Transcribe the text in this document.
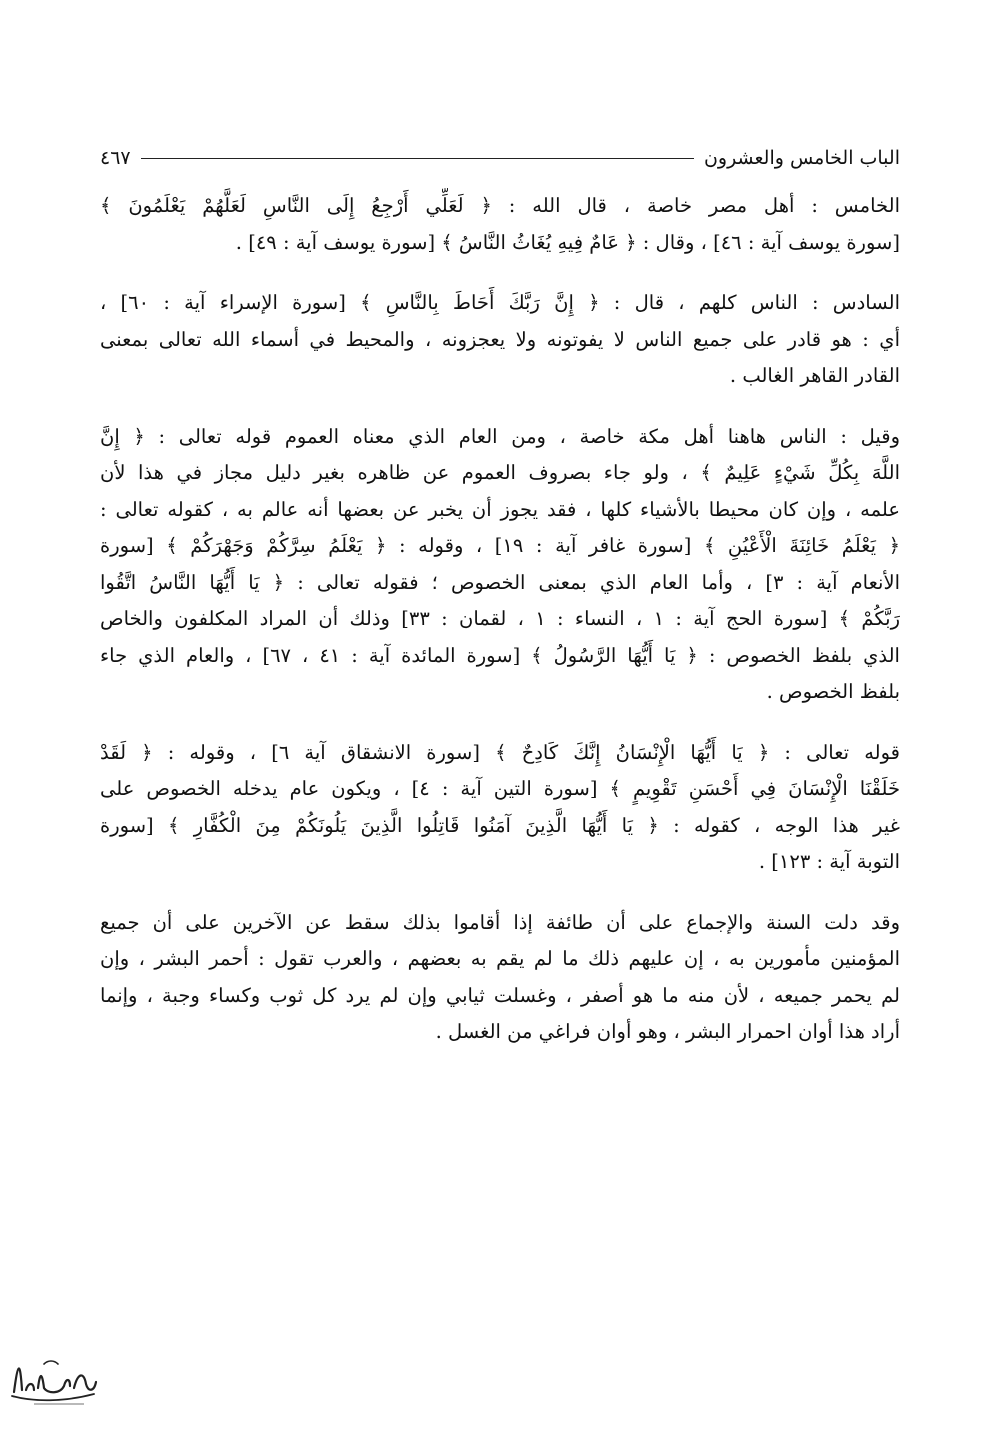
الباب الخامس والعشرون
٤٦٧
الخامس : أهل مصر خاصة ، قال الله : ﴿ لَعَلِّي أَرْجِعُ إِلَى النَّاسِ لَعَلَّهُمْ يَعْلَمُونَ ﴾
[سورة يوسف آية : ٤٦] ، وقال : ﴿ عَامٌ فِيهِ يُغَاثُ النَّاسُ ﴾ [سورة يوسف آية : ٤٩] .
السادس : الناس كلهم ، قال : ﴿ إِنَّ رَبَّكَ أَحَاطَ بِالنَّاسِ ﴾ [سورة الإسراء آية : ٦٠] ،
أي : هو قادر على جميع الناس لا يفوتونه ولا يعجزونه ، والمحيط في أسماء الله تعالى بمعنى
القادر القاهر الغالب .
وقيل : الناس هاهنا أهل مكة خاصة ، ومن العام الذي معناه العموم قوله تعالى : ﴿ إِنَّ
اللَّهَ بِكُلِّ شَيْءٍ عَلِيمٌ ﴾ ، ولو جاء بصروف العموم عن ظاهره بغير دليل مجاز في هذا لأن
علمه ، وإن كان محيطا بالأشياء كلها ، فقد يجوز أن يخبر عن بعضها أنه عالم به ، كقوله تعالى :
﴿ يَعْلَمُ خَائِنَةَ الْأَعْيُنِ ﴾ [سورة غافر آية : ١٩] ، وقوله : ﴿ يَعْلَمُ سِرَّكُمْ وَجَهْرَكُمْ ﴾ [سورة
الأنعام آية : ٣] ، وأما العام الذي بمعنى الخصوص ؛ فقوله تعالى : ﴿ يَا أَيُّهَا النَّاسُ اتَّقُوا
رَبَّكُمْ ﴾ [سورة الحج آية : ١ ، النساء : ١ ، لقمان : ٣٣] وذلك أن المراد المكلفون والخاص
الذي بلفظ الخصوص : ﴿ يَا أَيُّهَا الرَّسُولُ ﴾ [سورة المائدة آية : ٤١ ، ٦٧] ، والعام الذي جاء
بلفظ الخصوص .
قوله تعالى : ﴿ يَا أَيُّهَا الْإِنْسَانُ إِنَّكَ كَادِحٌ ﴾ [سورة الانشقاق آية ٦] ، وقوله : ﴿ لَقَدْ
خَلَقْنَا الْإِنْسَانَ فِي أَحْسَنِ تَقْوِيمٍ ﴾ [سورة التين آية : ٤] ، ويكون عام يدخله الخصوص على
غير هذا الوجه ، كقوله : ﴿ يَا أَيُّهَا الَّذِينَ آمَنُوا قَاتِلُوا الَّذِينَ يَلُونَكُمْ مِنَ الْكُفَّارِ ﴾ [سورة
التوبة آية : ١٢٣] .
وقد دلت السنة والإجماع على أن طائفة إذا أقاموا بذلك سقط عن الآخرين على أن جميع
المؤمنين مأمورين به ، إن عليهم ذلك ما لم يقم به بعضهم ، والعرب تقول : أحمر البشر ، وإن
لم يحمر جميعه ، لأن منه ما هو أصفر ، وغسلت ثيابي وإن لم يرد كل ثوب وكساء وجبة ، وإنما
أراد هذا أوان احمرار البشر ، وهو أوان فراغي من الغسل .
